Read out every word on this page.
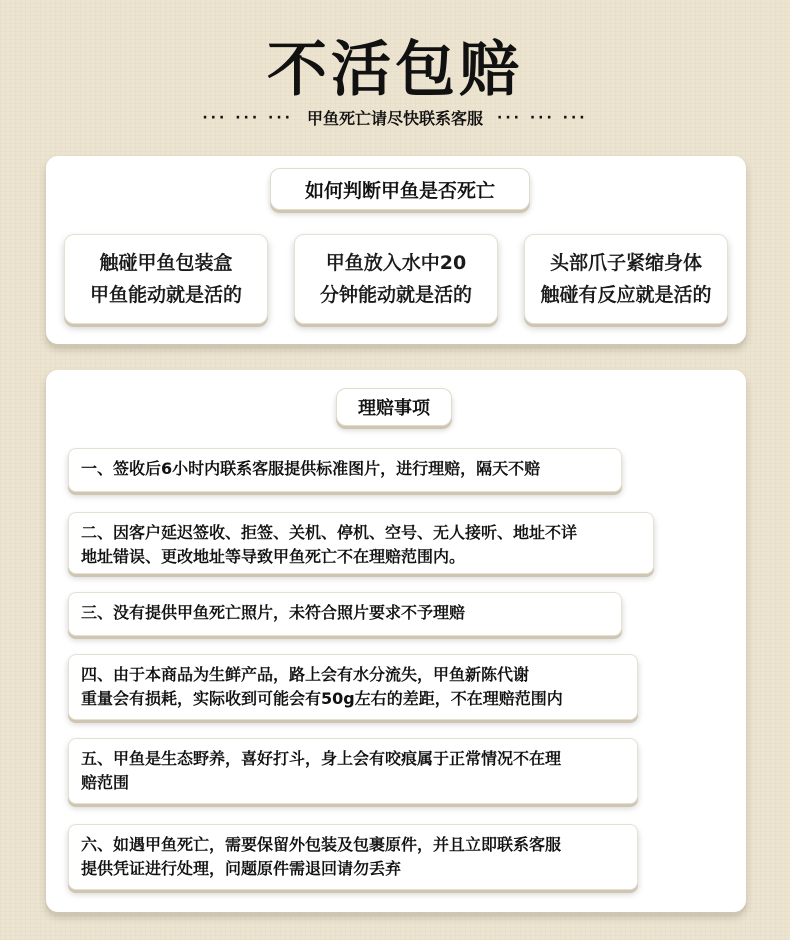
不活包赔
··· ··· ··· 甲鱼死亡请尽快联系客服 ··· ··· ···
如何判断甲鱼是否死亡
触碰甲鱼包装盒
甲鱼能动就是活的
甲鱼放入水中20
分钟能动就是活的
头部爪子紧缩身体
触碰有反应就是活的
理赔事项
一、签收后6小时内联系客服提供标准图片，进行理赔，隔天不赔
二、因客户延迟签收、拒签、关机、停机、空号、无人接听、地址不详
地址错误、更改地址等导致甲鱼死亡不在理赔范围内。
三、没有提供甲鱼死亡照片，未符合照片要求不予理赔
四、由于本商品为生鲜产品，路上会有水分流失，甲鱼新陈代谢
重量会有损耗，实际收到可能会有50g左右的差距，不在理赔范围内
五、甲鱼是生态野养，喜好打斗，身上会有咬痕属于正常情况不在理
赔范围
六、如遇甲鱼死亡，需要保留外包装及包裹原件，并且立即联系客服
提供凭证进行处理，问题原件需退回请勿丢弃
